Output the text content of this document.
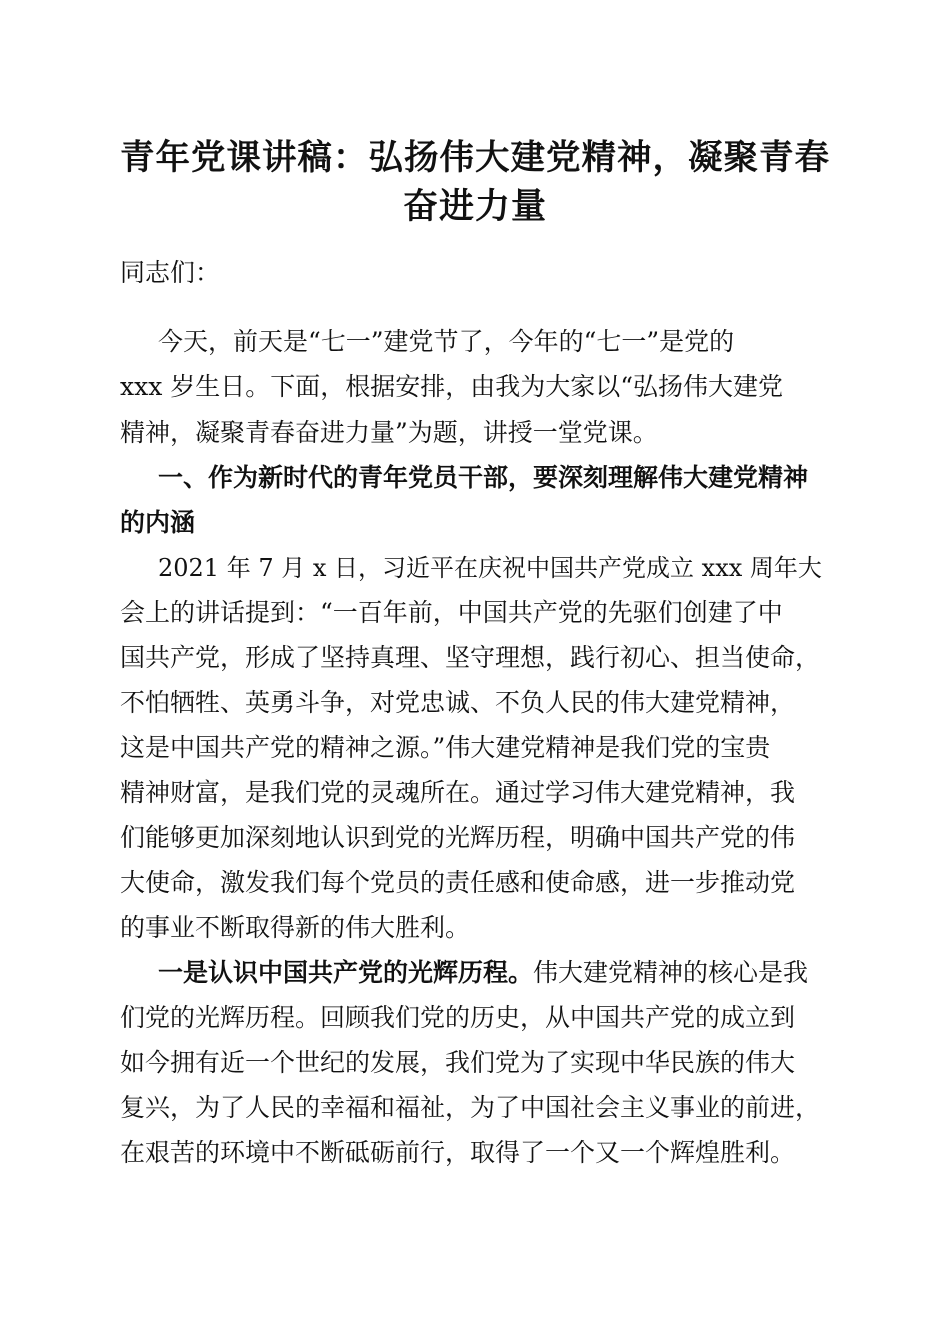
青年党课讲稿：弘扬伟大建党精神，凝聚青春
奋进力量
同志们：
今天，前天是“七一”建党节了，今年的“七一”是党的
xxx 岁生日。下面，根据安排，由我为大家以“弘扬伟大建党
精神，凝聚青春奋进力量”为题，讲授一堂党课。
一、作为新时代的青年党员干部，要深刻理解伟大建党精神
的内涵
2021 年 7 月 x 日，习近平在庆祝中国共产党成立 xxx 周年大
会上的讲话提到：“一百年前，中国共产党的先驱们创建了中
国共产党，形成了坚持真理、坚守理想，践行初心、担当使命，
不怕牺牲、英勇斗争，对党忠诚、不负人民的伟大建党精神，
这是中国共产党的精神之源。”伟大建党精神是我们党的宝贵
精神财富，是我们党的灵魂所在。通过学习伟大建党精神，我
们能够更加深刻地认识到党的光辉历程，明确中国共产党的伟
大使命，激发我们每个党员的责任感和使命感，进一步推动党
的事业不断取得新的伟大胜利。
一是认识中国共产党的光辉历程。伟大建党精神的核心是我
们党的光辉历程。回顾我们党的历史，从中国共产党的成立到
如今拥有近一个世纪的发展，我们党为了实现中华民族的伟大
复兴，为了人民的幸福和福祉，为了中国社会主义事业的前进，
在艰苦的环境中不断砥砺前行，取得了一个又一个辉煌胜利。
